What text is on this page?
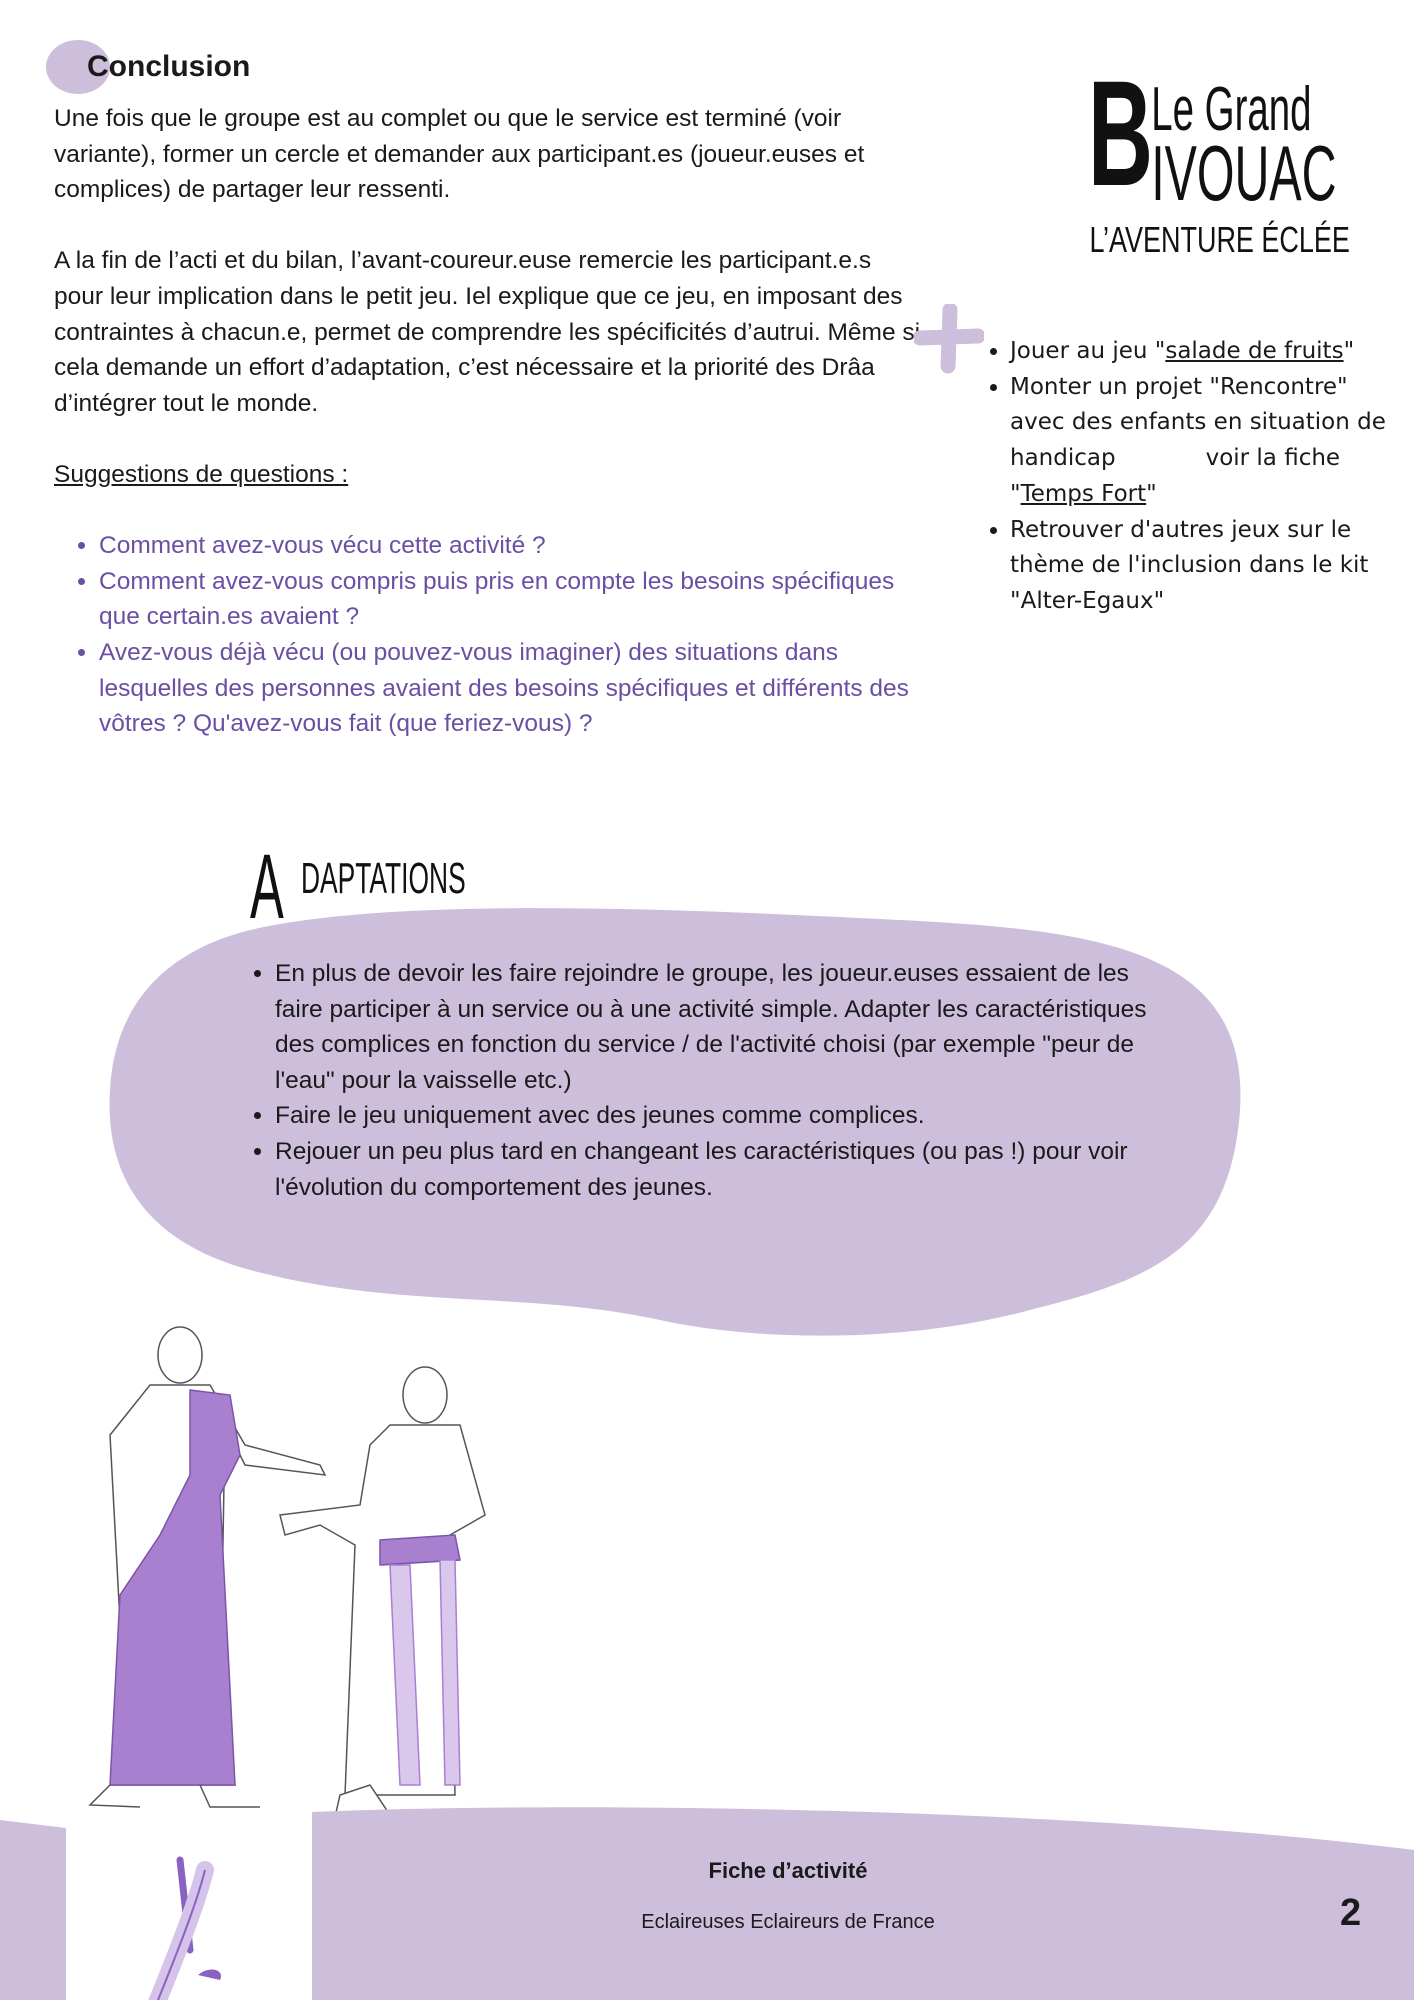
Conclusion

Une fois que le groupe est au complet ou que le service est terminé (voir variante), former un cercle et demander aux participant.es (joueur.euses et complices) de partager leur ressenti.

A la fin de l’acti et du bilan, l’avant-coureur.euse remercie les participant.e.s pour leur implication dans le petit jeu. Iel explique que ce jeu, en imposant des contraintes à chacun.e, permet de comprendre les spécificités d’autrui. Même si cela demande un effort d’adaptation, c’est nécessaire et la priorité des Drâa d’intégrer tout le monde.

Suggestions de questions :

• Comment avez-vous vécu cette activité ?
• Comment avez-vous compris puis pris en compte les besoins spécifiques que certain.es avaient ?
• Avez-vous déjà vécu (ou pouvez-vous imaginer) des situations dans lesquelles des personnes avaient des besoins spécifiques et différents des vôtres ? Qu'avez-vous fait (que feriez-vous) ?
B
Le Grand
IVOUAC
L’AVENTURE ÉCLÉE
• Jouer au jeu "salade de fruits"
• Monter un projet "Rencontre" avec des enfants en situation de handicap	voir la fiche "Temps Fort"
• Retrouver d'autres jeux sur le thème de l'inclusion dans le kit "Alter-Egaux"
A DAPTATIONS
• En plus de devoir les faire rejoindre le groupe, les joueur.euses essaient de les faire participer à un service ou à une activité simple. Adapter les caractéristiques des complices en fonction du service / de l'activité choisi (par exemple "peur de l'eau" pour la vaisselle etc.)
• Faire le jeu uniquement avec des jeunes comme complices.
• Rejouer un peu plus tard en changeant les caractéristiques (ou pas !) pour voir l'évolution du comportement des jeunes.
Fiche d’activité
Eclaireuses Eclaireurs de France	2
